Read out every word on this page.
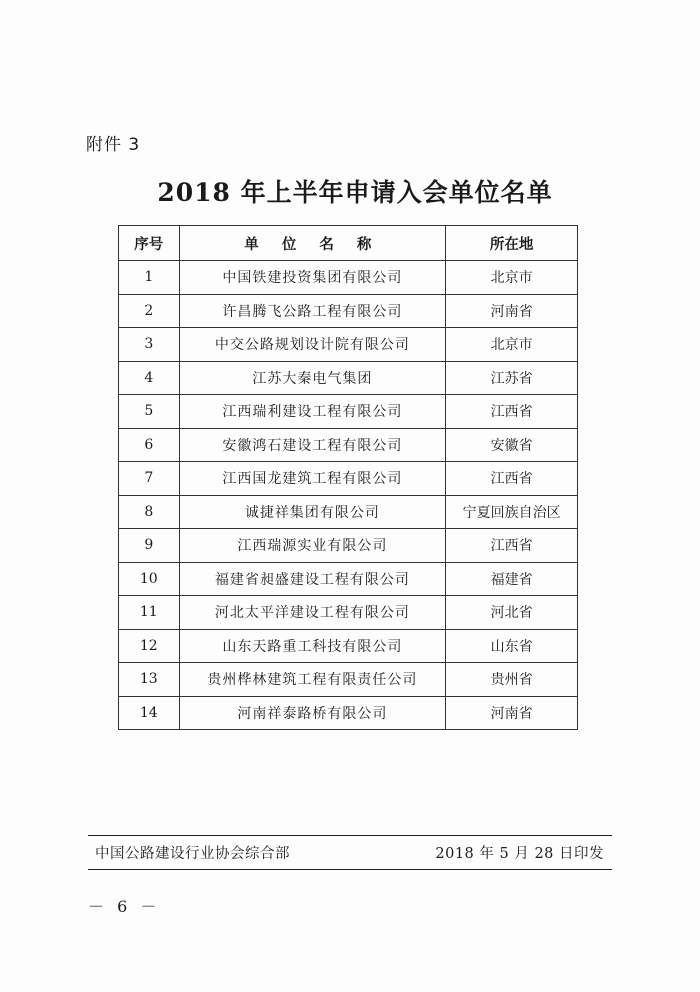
附件 3
2018 年上半年申请入会单位名单
序号	单 位 名 称	所在地
1	中国铁建投资集团有限公司	北京市
2	许昌腾飞公路工程有限公司	河南省
3	中交公路规划设计院有限公司	北京市
4	江苏大秦电气集团	江苏省
5	江西瑞利建设工程有限公司	江西省
6	安徽鸿石建设工程有限公司	安徽省
7	江西国龙建筑工程有限公司	江西省
8	诚捷祥集团有限公司	宁夏回族自治区
9	江西瑞源实业有限公司	江西省
10	福建省昶盛建设工程有限公司	福建省
11	河北太平洋建设工程有限公司	河北省
12	山东天路重工科技有限公司	山东省
13	贵州桦林建筑工程有限责任公司	贵州省
14	河南祥泰路桥有限公司	河南省
中国公路建设行业协会综合部	2018 年 5 月 28 日印发
－ 6 －
